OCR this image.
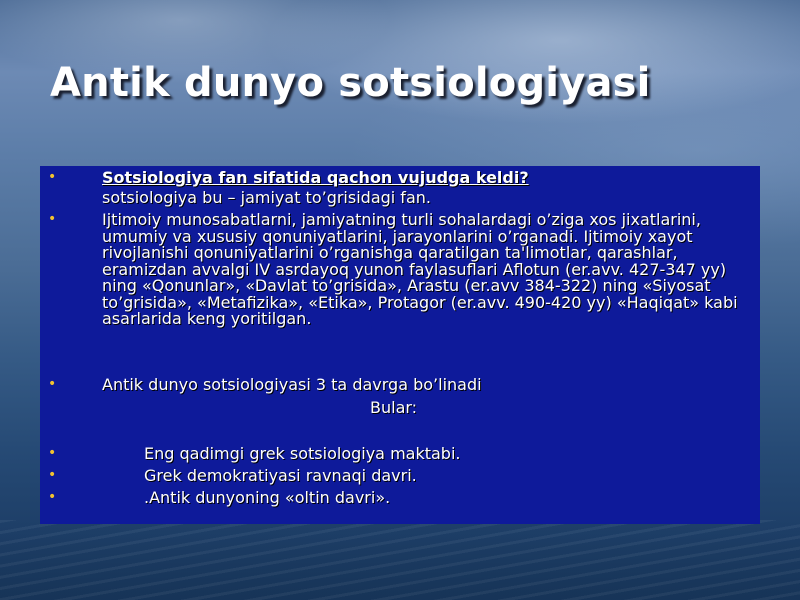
Antik dunyo sotsiologiyasi
•	Sotsiologiya fan sifatida qachon vujudga keldi?
sotsiologiya bu – jamiyat to’grisidagi fan.
•	Ijtimoiy munosabatlarni, jamiyatning turli sohalardagi o’ziga xos jixatlarini, umumiy va xususiy qonuniyatlarini, jarayonlarini o’rganadi. Ijtimoiy xayot rivojlanishi qonuniyatlarini o’rganishga qaratilgan ta'limotlar, qarashlar, eramizdan avvalgi IV asrdayoq yunon faylasuflari Aflotun (er.avv. 427-347 yy) ning «Qonunlar», «Davlat to’grisida», Arastu (er.avv 384-322) ning «Siyosat to’grisida», «Metafizika», «Etika», Protagor (er.avv. 490-420 yy) «Haqiqat» kabi asarlarida keng yoritilgan.
•	Antik dunyo sotsiologiyasi 3 ta davrga bo’linadi
Bular:
•	Eng qadimgi grek sotsiologiya maktabi.
•	Grek demokratiyasi ravnaqi davri.
•	.Antik dunyoning «oltin davri».
